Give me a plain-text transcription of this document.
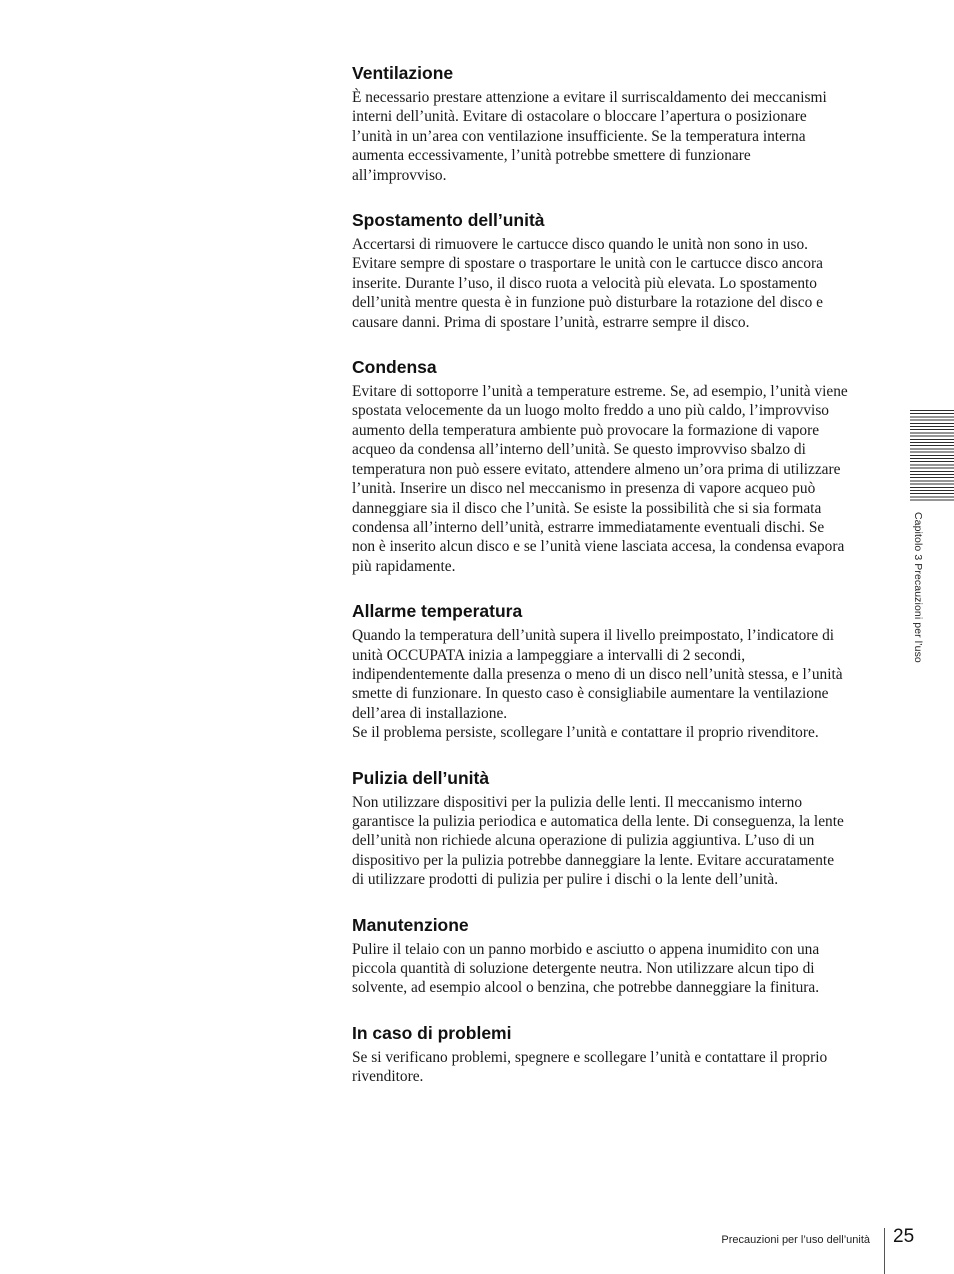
Ventilazione

È necessario prestare attenzione a evitare il surriscaldamento dei meccanismi

interni dell’unità. Evitare di ostacolare o bloccare l’apertura o posizionare

l’unità in un’area con ventilazione insufficiente. Se la temperatura interna

aumenta eccessivamente, l’unità potrebbe smettere di funzionare

all’improvviso.

Spostamento dell’unità

Accertarsi di rimuovere le cartucce disco quando le unità non sono in uso.

Evitare sempre di spostare o trasportare le unità con le cartucce disco ancora

inserite. Durante l’uso, il disco ruota a velocità più elevata. Lo spostamento

dell’unità mentre questa è in funzione può disturbare la rotazione del disco e

causare danni. Prima di spostare l’unità, estrarre sempre il disco.

Condensa

Evitare di sottoporre l’unità a temperature estreme. Se, ad esempio, l’unità viene

spostata velocemente da un luogo molto freddo a uno più caldo, l’improvviso

aumento della temperatura ambiente può provocare la formazione di vapore

acqueo da condensa all’interno dell’unità. Se questo improvviso sbalzo di

temperatura non può essere evitato, attendere almeno un’ora prima di utilizzare

l’unità. Inserire un disco nel meccanismo in presenza di vapore acqueo può

danneggiare sia il disco che l’unità. Se esiste la possibilità che si sia formata

condensa all’interno dell’unità, estrarre immediatamente eventuali dischi. Se

non è inserito alcun disco e se l’unità viene lasciata accesa, la condensa evapora

più rapidamente.

Allarme temperatura

Quando la temperatura dell’unità supera il livello preimpostato, l’indicatore di

unità OCCUPATA inizia a lampeggiare a intervalli di 2 secondi,

indipendentemente dalla presenza o meno di un disco nell’unità stessa, e l’unità

smette di funzionare. In questo caso è consigliabile aumentare la ventilazione

dell’area di installazione.

Se il problema persiste, scollegare l’unità e contattare il proprio rivenditore.

Pulizia dell’unità

Non utilizzare dispositivi per la pulizia delle lenti. Il meccanismo interno

garantisce la pulizia periodica e automatica della lente. Di conseguenza, la lente

dell’unità non richiede alcuna operazione di pulizia aggiuntiva. L’uso di un

dispositivo per la pulizia potrebbe danneggiare la lente. Evitare accuratamente

di utilizzare prodotti di pulizia per pulire i dischi o la lente dell’unità.

Manutenzione

Pulire il telaio con un panno morbido e asciutto o appena inumidito con una

piccola quantità di soluzione detergente neutra. Non utilizzare alcun tipo di

solvente, ad esempio alcool o benzina, che potrebbe danneggiare la finitura.

In caso di problemi

Se si verificano problemi, spegnere e scollegare l’unità e contattare il proprio

rivenditore.

Capitolo 3 Precauzioni per l’uso
Precauzioni per l’uso dell’unità 25
